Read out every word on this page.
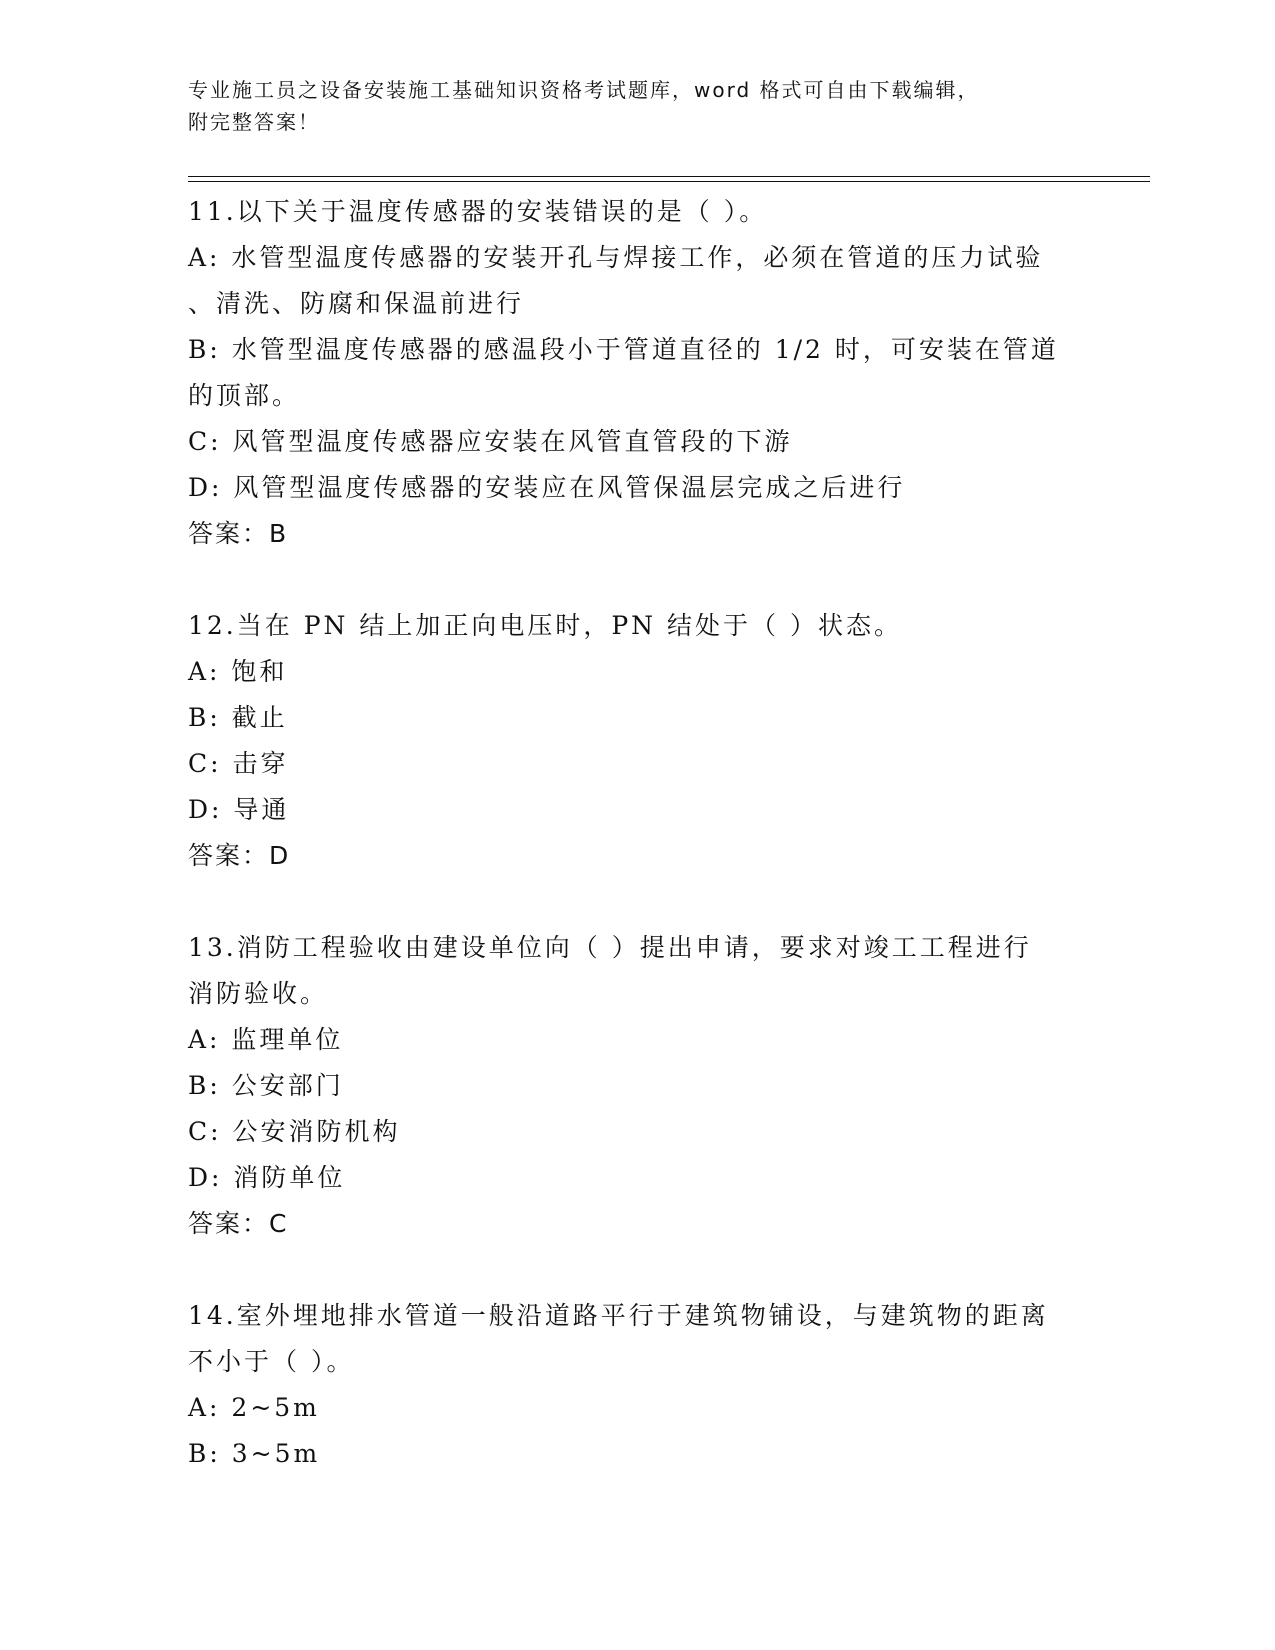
专业施工员之设备安装施工基础知识资格考试题库，word 格式可自由下载编辑，
附完整答案！
11.以下关于温度传感器的安装错误的是（ ）。
A: 水管型温度传感器的安装开孔与焊接工作，必须在管道的压力试验
、清洗、防腐和保温前进行
B: 水管型温度传感器的感温段小于管道直径的 1/2 时，可安装在管道
的顶部。
C: 风管型温度传感器应安装在风管直管段的下游
D: 风管型温度传感器的安装应在风管保温层完成之后进行
答案：B
12.当在 PN 结上加正向电压时，PN 结处于（ ）状态。
A: 饱和
B: 截止
C: 击穿
D: 导通
答案：D
13.消防工程验收由建设单位向（ ）提出申请，要求对竣工工程进行
消防验收。
A: 监理单位
B: 公安部门
C: 公安消防机构
D: 消防单位
答案：C
14.室外埋地排水管道一般沿道路平行于建筑物铺设，与建筑物的距离
不小于（ ）。
A: 2~5m
B: 3~5m
